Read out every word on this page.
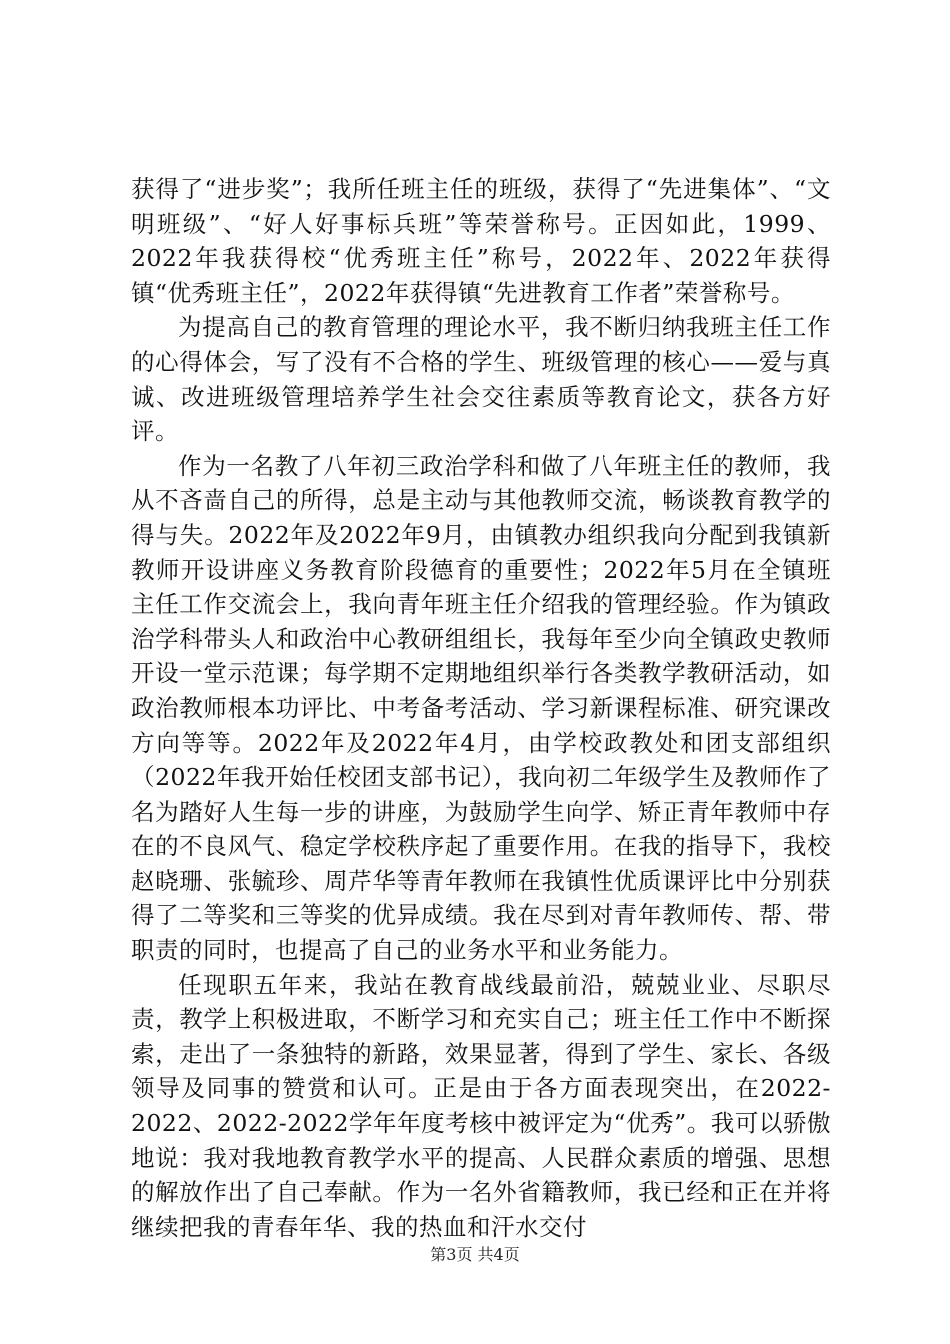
获得了“进步奖”；我所任班主任的班级，获得了“先进集体”、“文明班级”、“好人好事标兵班”等荣誉称号。正因如此，1999、2022年我获得校“优秀班主任”称号，2022年、2022年获得镇“优秀班主任”，2022年获得镇“先进教育工作者”荣誉称号。

为提高自己的教育管理的理论水平，我不断归纳我班主任工作的心得体会，写了没有不合格的学生、班级管理的核心——爱与真诚、改进班级管理培养学生社会交往素质等教育论文，获各方好评。

作为一名教了八年初三政治学科和做了八年班主任的教师，我从不吝啬自己的所得，总是主动与其他教师交流，畅谈教育教学的得与失。2022年及2022年9月，由镇教办组织我向分配到我镇新教师开设讲座义务教育阶段德育的重要性；2022年5月在全镇班主任工作交流会上，我向青年班主任介绍我的管理经验。作为镇政治学科带头人和政治中心教研组组长，我每年至少向全镇政史教师开设一堂示范课；每学期不定期地组织举行各类教学教研活动，如政治教师根本功评比、中考备考活动、学习新课程标准、研究课改方向等等。2022年及2022年4月，由学校政教处和团支部组织（2022年我开始任校团支部书记），我向初二年级学生及教师作了名为踏好人生每一步的讲座，为鼓励学生向学、矫正青年教师中存在的不良风气、稳定学校秩序起了重要作用。在我的指导下，我校赵晓珊、张毓珍、周芹华等青年教师在我镇性优质课评比中分别获得了二等奖和三等奖的优异成绩。我在尽到对青年教师传、帮、带职责的同时，也提高了自己的业务水平和业务能力。

任现职五年来，我站在教育战线最前沿，兢兢业业、尽职尽责，教学上积极进取，不断学习和充实自己；班主任工作中不断探索，走出了一条独特的新路，效果显著，得到了学生、家长、各级领导及同事的赞赏和认可。正是由于各方面表现突出，在2022-2022、2022-2022学年年度考核中被评定为“优秀”。我可以骄傲地说：我对我地教育教学水平的提高、人民群众素质的增强、思想的解放作出了自己奉献。作为一名外省籍教师，我已经和正在并将继续把我的青春年华、我的热血和汗水交付

第3页 共4页
